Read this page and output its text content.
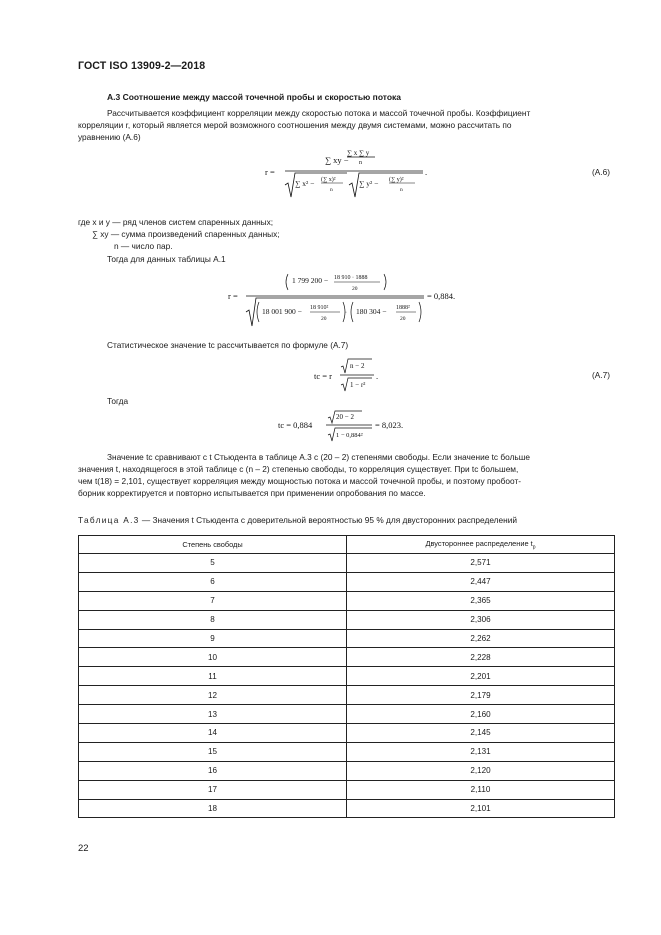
ГОСТ ISO 13909-2—2018
А.3 Соотношение между массой точечной пробы и скоростью потока
Рассчитывается коэффициент корреляции между скоростью потока и массой точечной пробы. Коэффициент
корреляции r, который является мерой возможного соотношения между двумя системами, можно рассчитать по
уравнению (А.6)
r =
∑ xy −
∑ x ∑ y
n
∑ x² − (∑ x)²
n
∑ y² − (∑ y)²
n
.	(А.6)
где x и y — ряд членов систем спаренных данных;
∑ xy — сумма произведений спаренных данных;
n — число пар.
Тогда для данных таблицы А.1
r =
1 799 200 − 18 910 · 1888
20
18 001 900 − 18 910²
20
· 180 304 − 1888²
20
= 0,884.
Статистическое значение tc рассчитывается по формуле (А.7)
tc = r
n − 2
1 − r²
.	(А.7)
Тогда
tc = 0,884
20 − 2
1 − 0,884²
= 8,023.
Значение tc сравнивают с t Стьюдента в таблице А.3 с (20 – 2) степенями свободы. Если значение tc больше
значения t, находящегося в этой таблице с (n – 2) степенью свободы, то корреляция существует. При tc большем,
чем t(18) = 2,101, существует корреляция между мощностью потока и массой точечной пробы, и поэтому пробоот-
борник корректируется и повторно испытывается при применении опробования по массе.
Таблица А.3 — Значения t Стьюдента с доверительной вероятностью 95 % для двусторонних распределений
Степень свободы	Двустороннее распределение $t_p$
5	2,571
6	2,447
7	2,365
8	2,306
9	2,262
10	2,228
11	2,201
12	2,179
13	2,160
14	2,145
15	2,131
16	2,120
17	2,110
18	2,101
22
